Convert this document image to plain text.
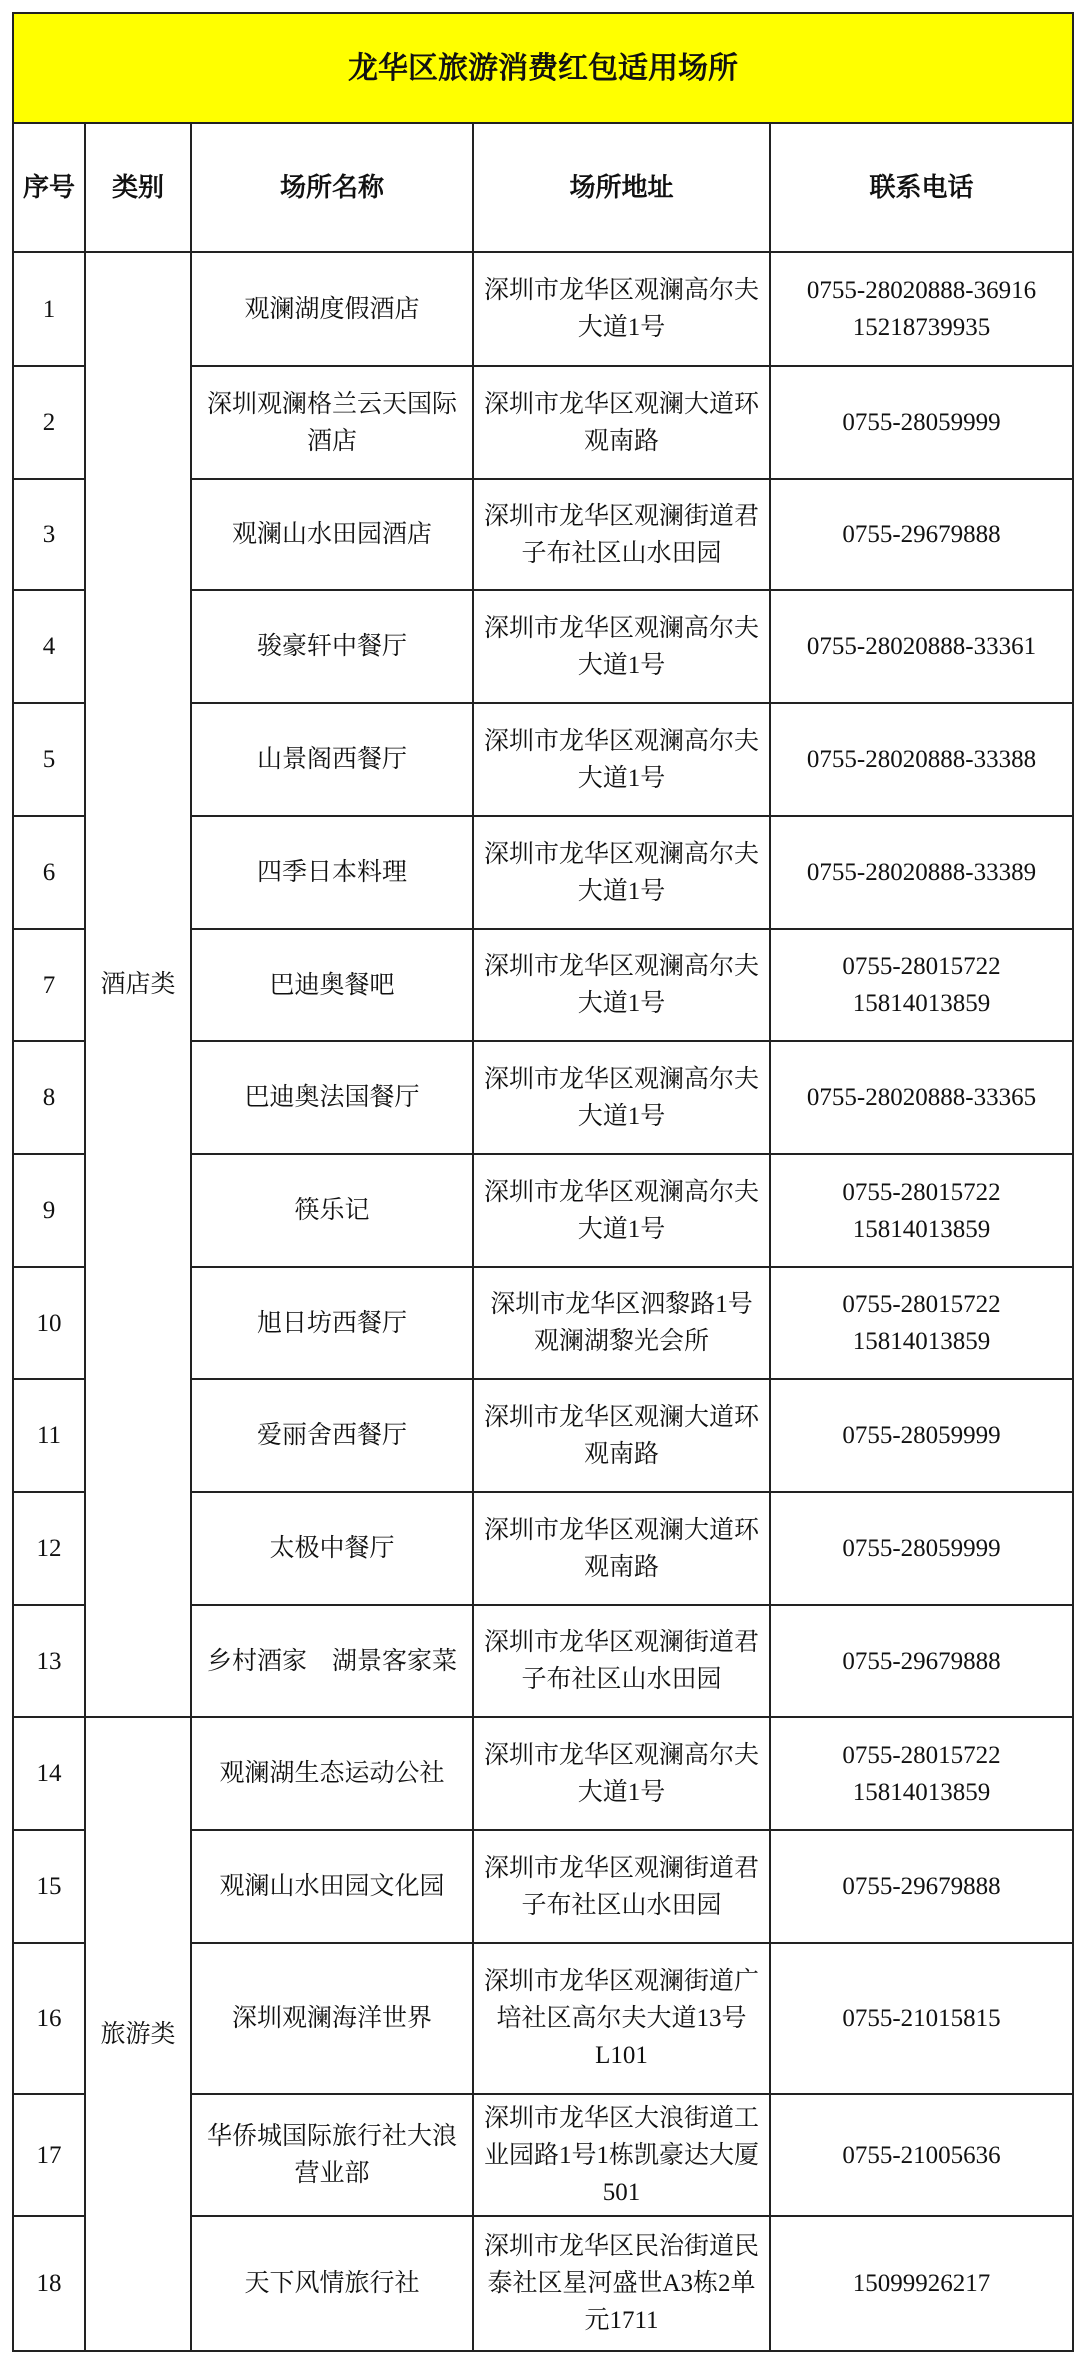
龙华区旅游消费红包适用场所				
序号	类别	场所名称	场所地址	联系电话
1	酒店类	观澜湖度假酒店	深圳市龙华区观澜高尔夫大道1号	0755-28020888-36916
15218739935

2		深圳观澜格兰云天国际酒店	深圳市龙华区观澜大道环观南路	0755-28059999

3		观澜山水田园酒店	深圳市龙华区观澜街道君子布社区山水田园	0755-29679888

4		骏豪轩中餐厅	深圳市龙华区观澜高尔夫大道1号	0755-28020888-33361

5		山景阁西餐厅	深圳市龙华区观澜高尔夫大道1号	0755-28020888-33388

6		四季日本料理	深圳市龙华区观澜高尔夫大道1号	0755-28020888-33389

7		巴迪奥餐吧	深圳市龙华区观澜高尔夫大道1号	0755-28015722
15814013859

8		巴迪奥法国餐厅	深圳市龙华区观澜高尔夫大道1号	0755-28020888-33365

9		筷乐记	深圳市龙华区观澜高尔夫大道1号	0755-28015722
15814013859

10		旭日坊西餐厅	深圳市龙华区泗黎路1号观澜湖黎光会所	0755-28015722
15814013859

11		爱丽舍西餐厅	深圳市龙华区观澜大道环观南路	0755-28059999

12		太极中餐厅	深圳市龙华区观澜大道环观南路	0755-28059999

13		乡村酒家　湖景客家菜	深圳市龙华区观澜街道君子布社区山水田园	0755-29679888

14	旅游类	观澜湖生态运动公社	深圳市龙华区观澜高尔夫大道1号	0755-28015722
15814013859

15		观澜山水田园文化园	深圳市龙华区观澜街道君子布社区山水田园	0755-29679888

16		深圳观澜海洋世界	深圳市龙华区观澜街道广培社区高尔夫大道13号L101	0755-21015815

17		华侨城国际旅行社大浪营业部	深圳市龙华区大浪街道工业园路1号1栋凯豪达大厦501	0755-21005636

18		天下风情旅行社	深圳市龙华区民治街道民泰社区星河盛世A3栋2单元1711	15099926217
